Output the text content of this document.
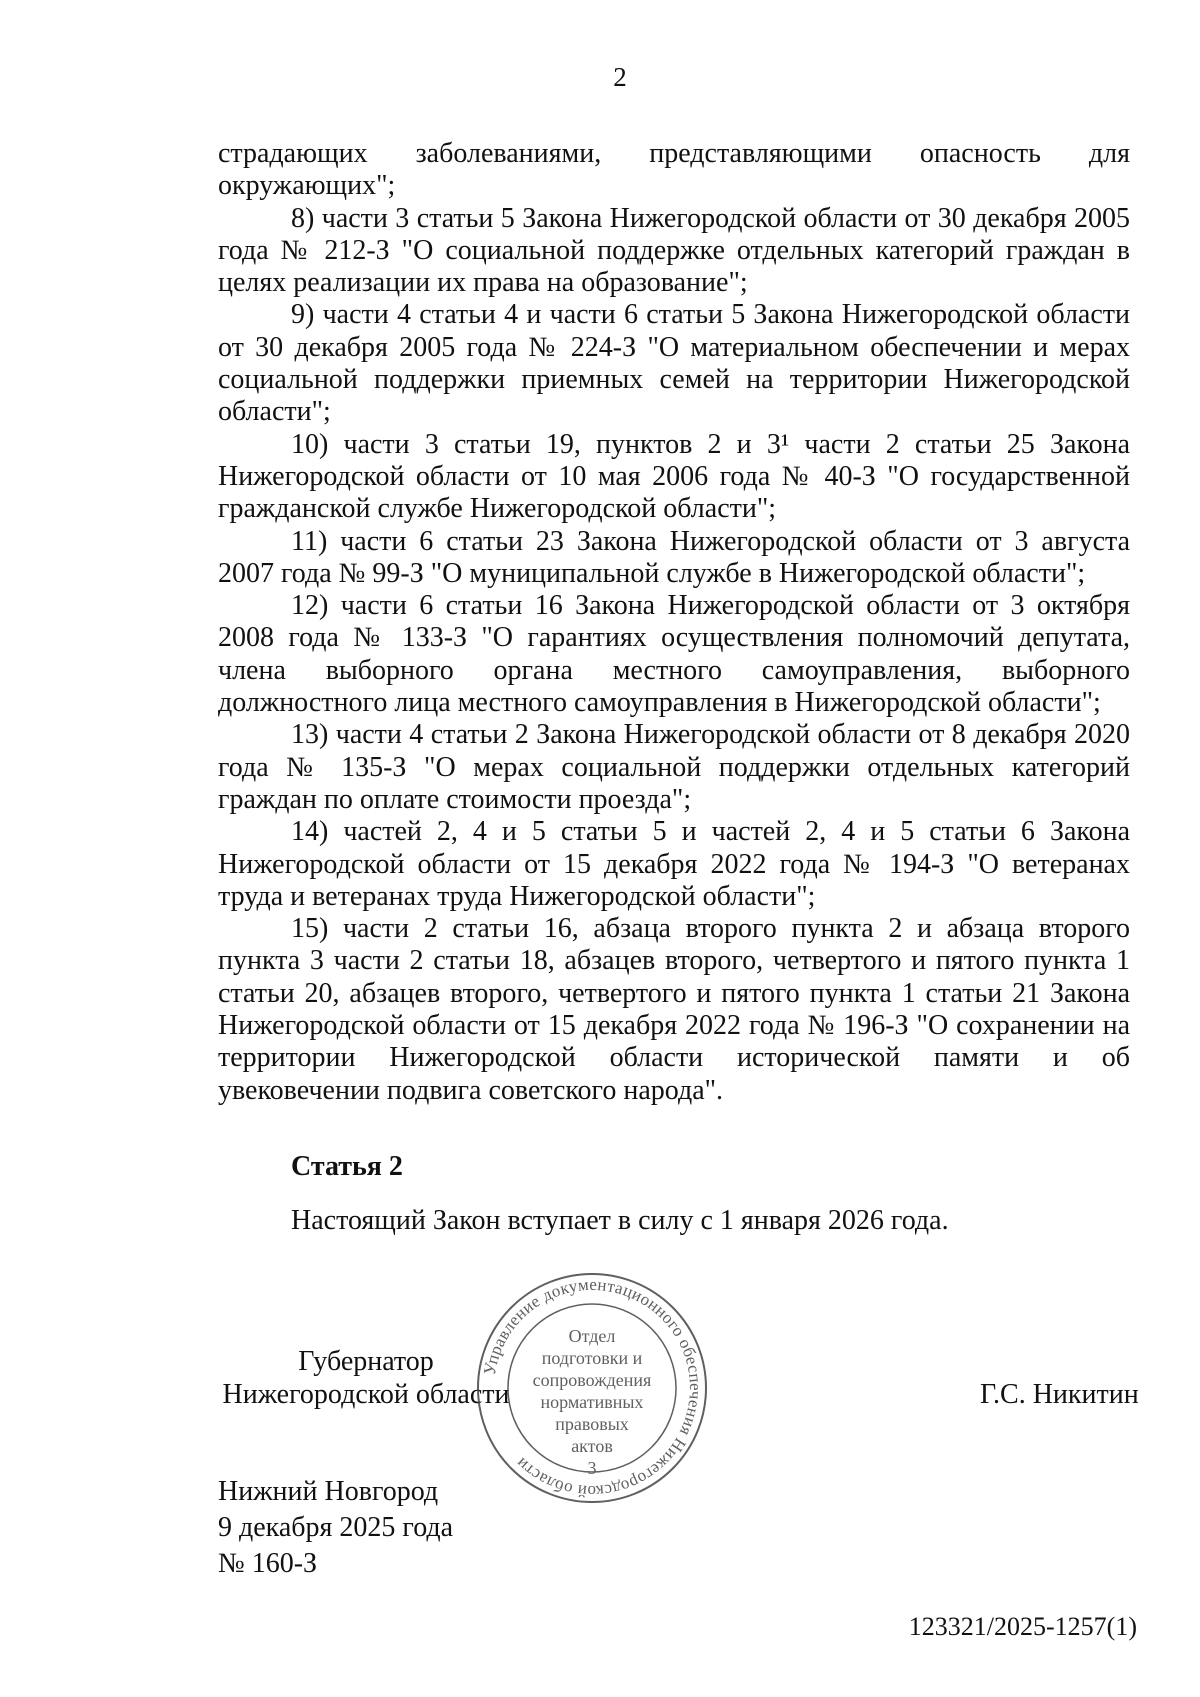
2

страдающих заболеваниями, представляющими опасность для окружающих";

8) части 3 статьи 5 Закона Нижегородской области от 30 декабря 2005 года № 212-З "О социальной поддержке отдельных категорий граждан в целях реализации их права на образование";

9) части 4 статьи 4 и части 6 статьи 5 Закона Нижегородской области от 30 декабря 2005 года № 224-З "О материальном обеспечении и мерах социальной поддержки приемных семей на территории Нижегородской области";

10) части 3 статьи 19, пунктов 2 и 3¹ части 2 статьи 25 Закона Нижегородской области от 10 мая 2006 года № 40-З "О государственной гражданской службе Нижегородской области";

11) части 6 статьи 23 Закона Нижегородской области от 3 августа 2007 года № 99-З "О муниципальной службе в Нижегородской области";

12) части 6 статьи 16 Закона Нижегородской области от 3 октября 2008 года № 133-З "О гарантиях осуществления полномочий депутата, члена выборного органа местного самоуправления, выборного должностного лица местного самоуправления в Нижегородской области";

13) части 4 статьи 2 Закона Нижегородской области от 8 декабря 2020 года № 135-З "О мерах социальной поддержки отдельных категорий граждан по оплате стоимости проезда";

14) частей 2, 4 и 5 статьи 5 и частей 2, 4 и 5 статьи 6 Закона Нижегородской области от 15 декабря 2022 года № 194-З "О ветеранах труда и ветеранах труда Нижегородской области";

15) части 2 статьи 16, абзаца второго пункта 2 и абзаца второго пункта 3 части 2 статьи 18, абзацев второго, четвертого и пятого пункта 1 статьи 20, абзацев второго, четвертого и пятого пункта 1 статьи 21 Закона Нижегородской области от 15 декабря 2022 года № 196-З "О сохранении на территории Нижегородской области исторической памяти и об увековечении подвига советского народа".

Статья 2
Настоящий Закон вступает в силу с 1 января 2026 года.
Губернатор
Нижегородской области	Г.С. Никитин
Управление документационного обеспечения Нижегородской области
Отдел
подготовки и
сопровождения
нормативных
правовых
актов
3
Нижний Новгород
9 декабря 2025 года
№ 160-З
123321/2025-1257(1)
